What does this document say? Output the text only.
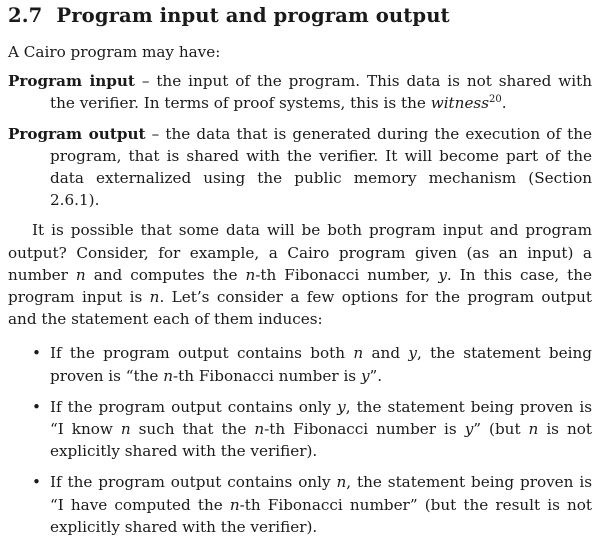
2.7 Program input and program output

A Cairo program may have:

Program input – the input of the program. This data is not shared with the verifier. In terms of proof systems, this is the witness$^{20}$.

Program output – the data that is generated during the execution of the program, that is shared with the verifier. It will become part of the data externalized using the public memory mechanism (Section 2.6.1).

It is possible that some data will be both program input and program output? Consider, for example, a Cairo program given (as an input) a number n and computes the n-th Fibonacci number, y. In this case, the program input is n. Let’s consider a few options for the program output and the statement each of them induces:

• If the program output contains both n and y, the statement being proven is “the n-th Fibonacci number is y”.
• If the program output contains only y, the statement being proven is “I know n such that the n-th Fibonacci number is y” (but n is not explicitly shared with the verifier).
• If the program output contains only n, the statement being proven is “I have computed the n-th Fibonacci number” (but the result is not explicitly shared with the verifier).
